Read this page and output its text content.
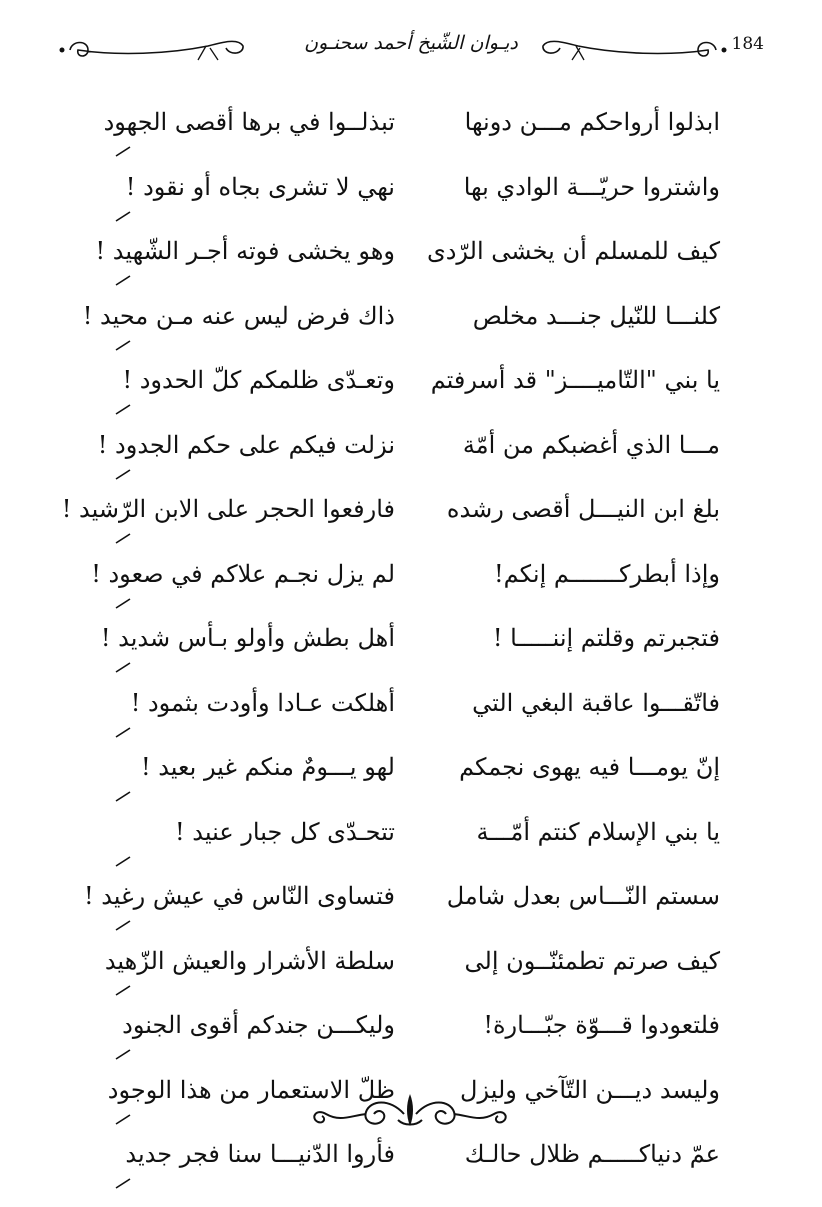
ديـوان الشّيخ أحمد سحنـون	184
ابذلوا أرواحكم مـــن دونها
تبذلــوا في برها أقصى الجهود
واشتروا حريّـــة الوادي بها
نهي لا تشرى بجاه أو نقود !
كيف للمسلم أن يخشى الرّدى
وهو يخشى فوته أجـر الشّهيد !
كلنـــا للنّيل جنـــد مخلص
ذاك فرض ليس عنه مـن محيد !
يا بني "التّاميــــز" قد أسرفتم
وتعـدّى ظلمكم كلّ الحدود !
مـــا الذي أغضبكم من أمّة
نزلت فيكم على حكم الجدود !
بلغ ابن النيـــل أقصى رشده
فارفعوا الحجر على الابن الرّشيد !
وإذا أبطركـــــــم إنكم!
لم يزل نجـم علاكم في صعود !
فتجبرتم وقلتم إننـــــا !
أهل بطش وأولو بـأس شديد !
فاتّقـــوا عاقبة البغي التي
أهلكت عـادا وأودت بثمود !
إنّ يومـــا فيه يهوى نجمكم
لهو يـــومٌ منكم غير بعيد !
يا بني الإسلام كنتم أمّـــة
تتحـدّى كل جبار عنيد !
سستم النّـــاس بعدل شامل
فتساوى النّاس في عيش رغيد !
كيف صرتم تطمئنّــون إلى
سلطة الأشرار والعيش الزّهيد
فلتعودوا قـــوّة جبّـــارة!
وليكـــن جندكم أقوى الجنود
وليسد ديـــن التّآخي وليزل
ظلّ الاستعمار من هذا الوجود
عمّ دنياكـــــم ظلال حالـك
فأروا الدّنيـــا سنا فجر جديد
